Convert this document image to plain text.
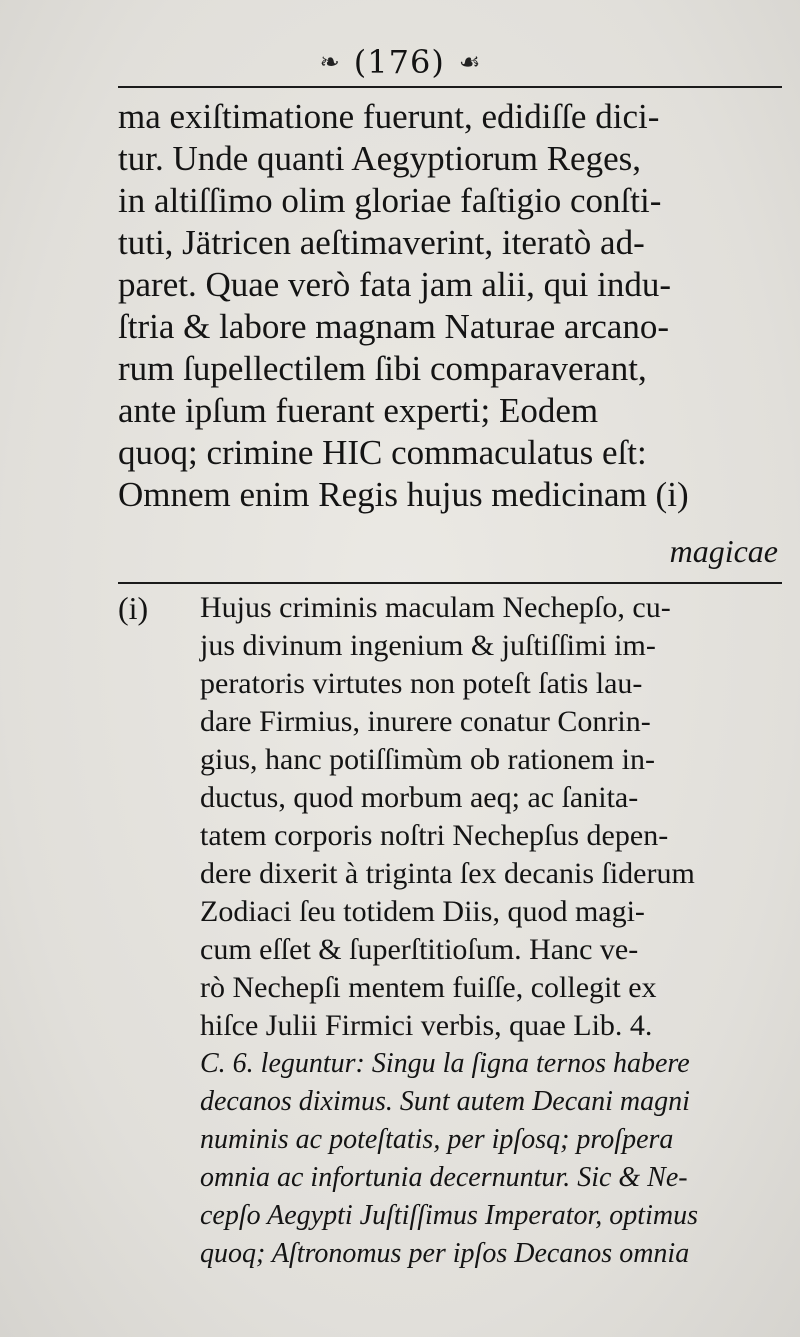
❧ (176) ☙
ma exiſtimatione fuerunt, edidiſſe dici-
tur. Unde quanti Aegyptiorum Reges,
in altiſſimo olim gloriae faſtigio conſti-
tuti, Jätricen aeſtimaverint, iteratò ad-
paret. Quae verò fata jam alii, qui indu-
ſtria & labore magnam Naturae arcano-
rum ſupellectilem ſibi comparaverant,
ante ipſum fuerant experti; Eodem
quoq; crimine HIC commaculatus eſt:
Omnem enim Regis hujus medicinam (i)
magicae
(i) Hujus criminis maculam Nechepſo, cu-
jus divinum ingenium & juſtiſſimi im-
peratoris virtutes non poteſt ſatis lau-
dare Firmius, inurere conatur Conrin-
gius, hanc potiſſimùm ob rationem in-
ductus, quod morbum aeq; ac ſanita-
tatem corporis noſtri Nechepſus depen-
dere dixerit à triginta ſex decanis ſiderum
Zodiaci ſeu totidem Diis, quod magi-
cum eſſet & ſuperſtitioſum. Hanc ve-
rò Nechepſi mentem fuiſſe, collegit ex
hiſce Julii Firmici verbis, quae Lib. 4.
C. 6. leguntur: Singu la ſigna ternos habere
decanos diximus. Sunt autem Decani magni
numinis ac poteſtatis, per ipſosq; proſpera
omnia ac infortunia decernuntur. Sic & Ne-
cepſo Aegypti Juſtiſſimus Imperator, optimus
quoq; Aſtronomus per ipſos Decanos omnia
